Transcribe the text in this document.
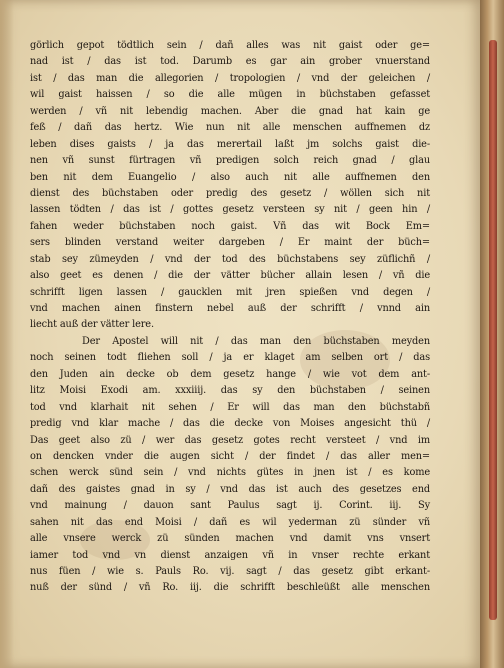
görlich gepot tödtlich sein / dañ alles was nit gaist oder ge=
nad ist / das ist tod. Darumb es gar ain grober vnuerstand
ist / das man die allegorien / tropologien / vnd der geleichen /
wil gaist haissen / so die alle mügen in büchstaben gefasset
werden / vñ nit lebendig machen. Aber die gnad hat kain ge
fеß / dañ das hertz. Wie nun nit alle menschen auffnemen dz
leben dises gaists / ja das merertail laßt jm solchs gaist die-
nen vñ sunst fürtragen vñ predigen solch reich gnad / glau
ben nit dem Euangelio / also auch nit alle auffnemen den
dienst des büchstaben oder predig des gesetz / wöllen sich nit
lassen tödten / das ist / gottes gesetz versteen sy nit / geen hin /
fahen weder büchstaben noch gaist. Vñ das wit Bock Em=
sers blinden verstand weiter dargeben / Er maint der büch=
stab sey zümeyden / vnd der tod des büchstabens sey züflichñ /
also geet es denen / die der vätter bücher allain lesen / vñ die
schrifft ligen lassen / gaucklen mit jren spießen vnd degen /
vnd machen ainen finstern nebel auß der schrifft / vnnd ain
liecht auß der vätter lere.
Der Apostel will nit / das man den büchstaben meyden
noch seinen todt fliehen soll / ja er klaget am selben ort / das
den Juden ain decke ob dem gesetz hange / wie vot dem ant-
litz Moisi Exodi am. xxxiiij. das sy den büchstaben / seinen
tod vnd klarhait nit sehen / Er will das man den büchstabñ
predig vnd klar mache / das die decke von Moises angesicht thü /
Das geet also zü / wer das gesetz gotes recht versteet / vnd im
on dencken vnder die augen sicht / der findet / das aller men=
schen werck sünd sein / vnd nichts gütes in jnen ist / es kome
dañ des gaistes gnad in sy / vnd das ist auch des gesetzes end
vnd mainung / dauon sant Paulus sagt ij. Corint. iij. Sy
sahen nit das end Moisi / dañ es wil yederman zü sünder vñ
alle vnsere werck zü sünden machen vnd damit vns vnsert
iamer tod vnd vn dienst anzaigen vñ in vnser rechte erkant
nus füen / wie s. Pauls Ro. vij. sagt / das gesetz gibt erkant-
nuß der sünd / vñ Ro. iij. die schrifft beschleüßt alle menschen
